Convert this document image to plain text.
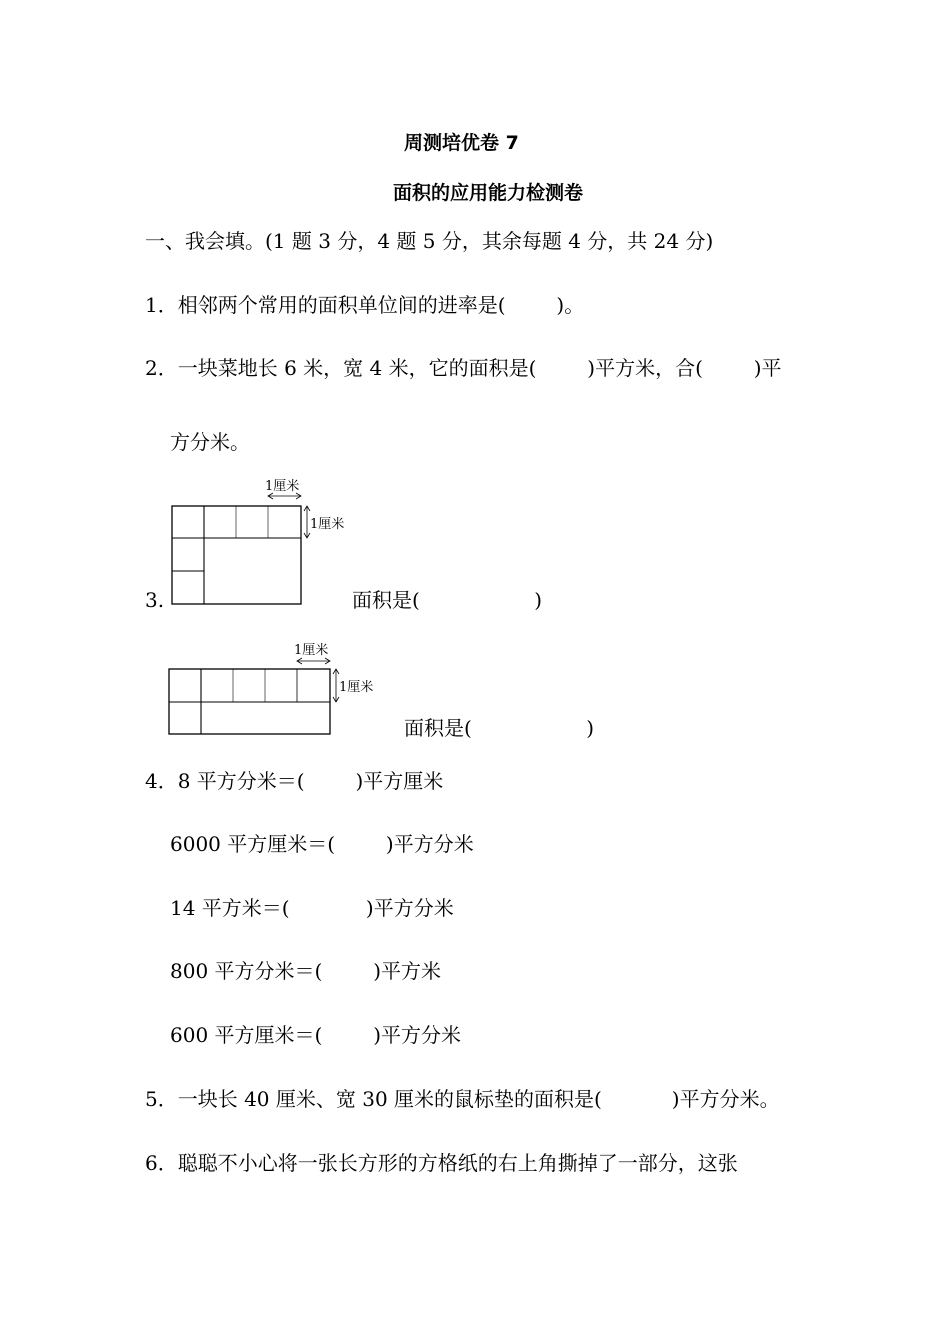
周测培优卷 7
面积的应用能力检测卷
一、我会填。(1 题 3 分，4 题 5 分，其余每题 4 分，共 24 分)
1．相邻两个常用的面积单位间的进率是(        )。
2．一块菜地长 6 米，宽 4 米，它的面积是(        )平方米，合(        )平
方分米。
1厘米
1厘米
3.	面积是(                  )
1厘米
1厘米
面积是(                  )
4．8 平方分米＝(        )平方厘米
6000 平方厘米＝(        )平方分米
14 平方米＝(            )平方分米
800 平方分米＝(        )平方米
600 平方厘米＝(        )平方分米
5．一块长 40 厘米、宽 30 厘米的鼠标垫的面积是(           )平方分米。
6．聪聪不小心将一张长方形的方格纸的右上角撕掉了一部分，这张
